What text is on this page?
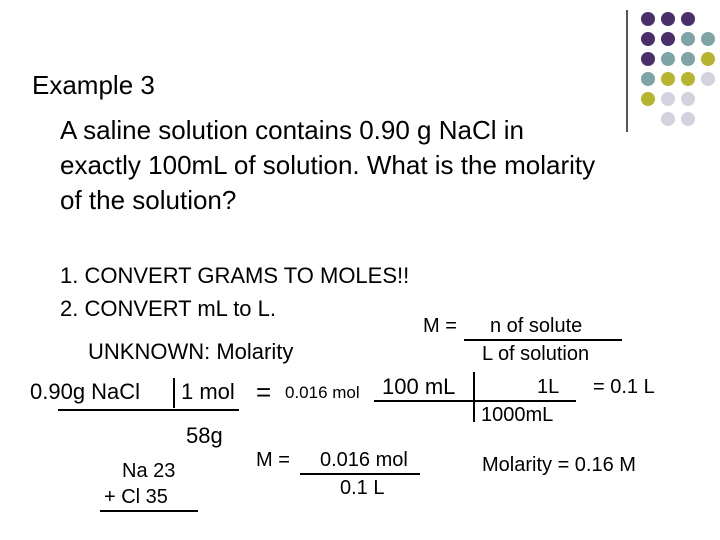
Example 3
A saline solution contains 0.90 g NaCl in
exactly 100mL of solution. What is the molarity
of the solution?
1. CONVERT GRAMS TO MOLES!!
2. CONVERT mL to L.
UNKNOWN: Molarity
M = n of solute
L of solution
0.90g NaCl 1 mol = 0.016 mol
58g
Na 23
+ Cl 35
100 mL	1L = 0.1 L
1000mL
M = 0.016 mol
0.1 L
Molarity = 0.16 M
